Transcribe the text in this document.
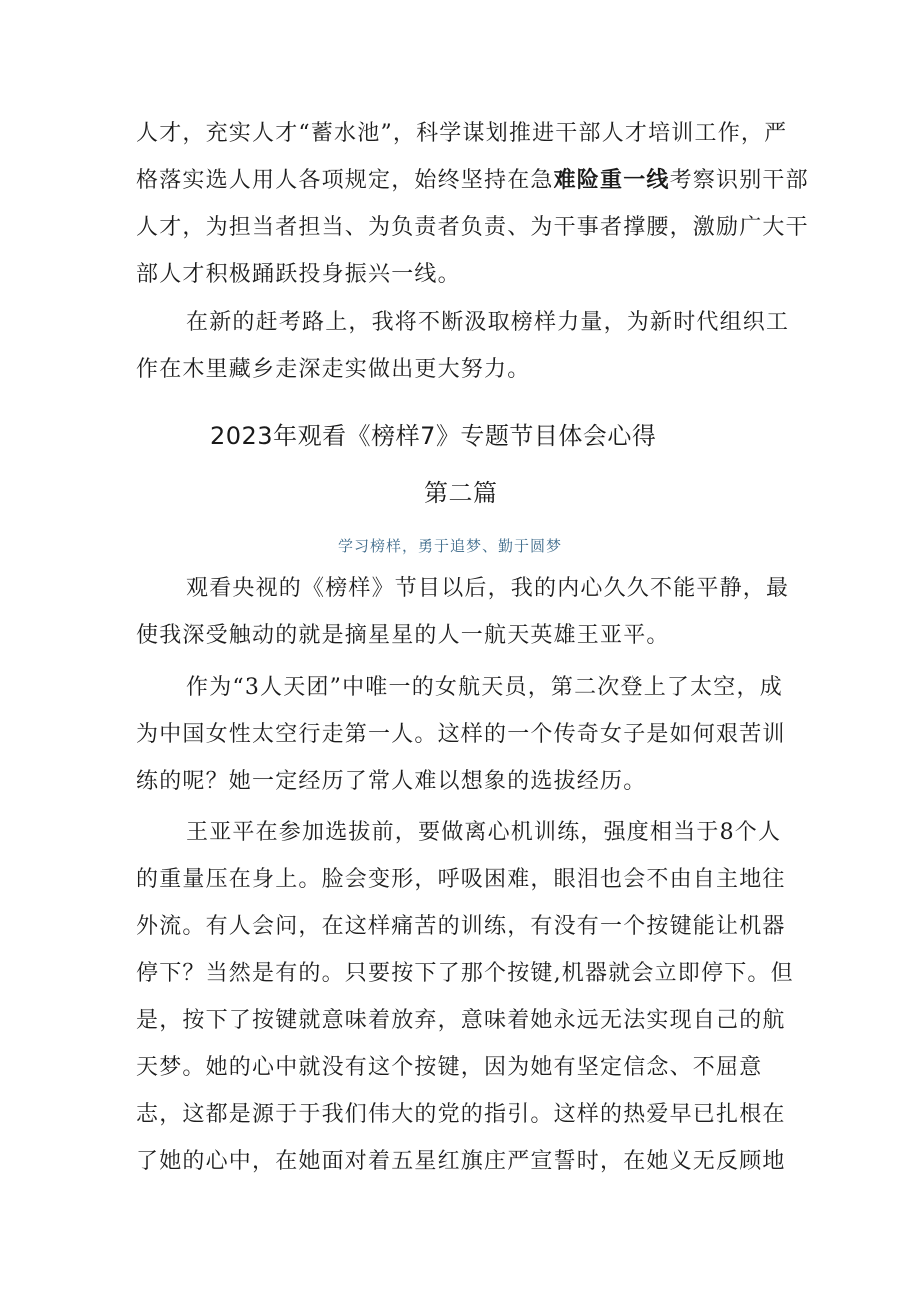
人才，充实人才“蓄水池”，科学谋划推进干部人才培训工作，严
格落实选人用人各项规定，始终坚持在急难险重一线考察识别干部
人才，为担当者担当、为负责者负责、为干事者撑腰，激励广大干
部人才积极踊跃投身振兴一线。
在新的赶考路上，我将不断汲取榜样力量，为新时代组织工
作在木里藏乡走深走实做出更大努力。
2023年观看《榜样7》专题节目体会心得
第二篇
学习榜样，勇于追梦、勤于圆梦
观看央视的《榜样》节目以后，我的内心久久不能平静，最
使我深受触动的就是摘星星的人一航天英雄王亚平。
作为“3人天团”中唯一的女航天员，第二次登上了太空，成
为中国女性太空行走第一人。这样的一个传奇女子是如何艰苦训
练的呢？她一定经历了常人难以想象的选拔经历。
王亚平在参加选拔前，要做离心机训练，强度相当于8个人
的重量压在身上。脸会变形，呼吸困难，眼泪也会不由自主地往
外流。有人会问，在这样痛苦的训练，有没有一个按键能让机器
停下？当然是有的。只要按下了那个按键,机器就会立即停下。但
是，按下了按键就意味着放弃，意味着她永远无法实现自己的航
天梦。她的心中就没有这个按键，因为她有坚定信念、不屈意
志，这都是源于于我们伟大的党的指引。这样的热爱早已扎根在
了她的心中，在她面对着五星红旗庄严宣誓时，在她义无反顾地
